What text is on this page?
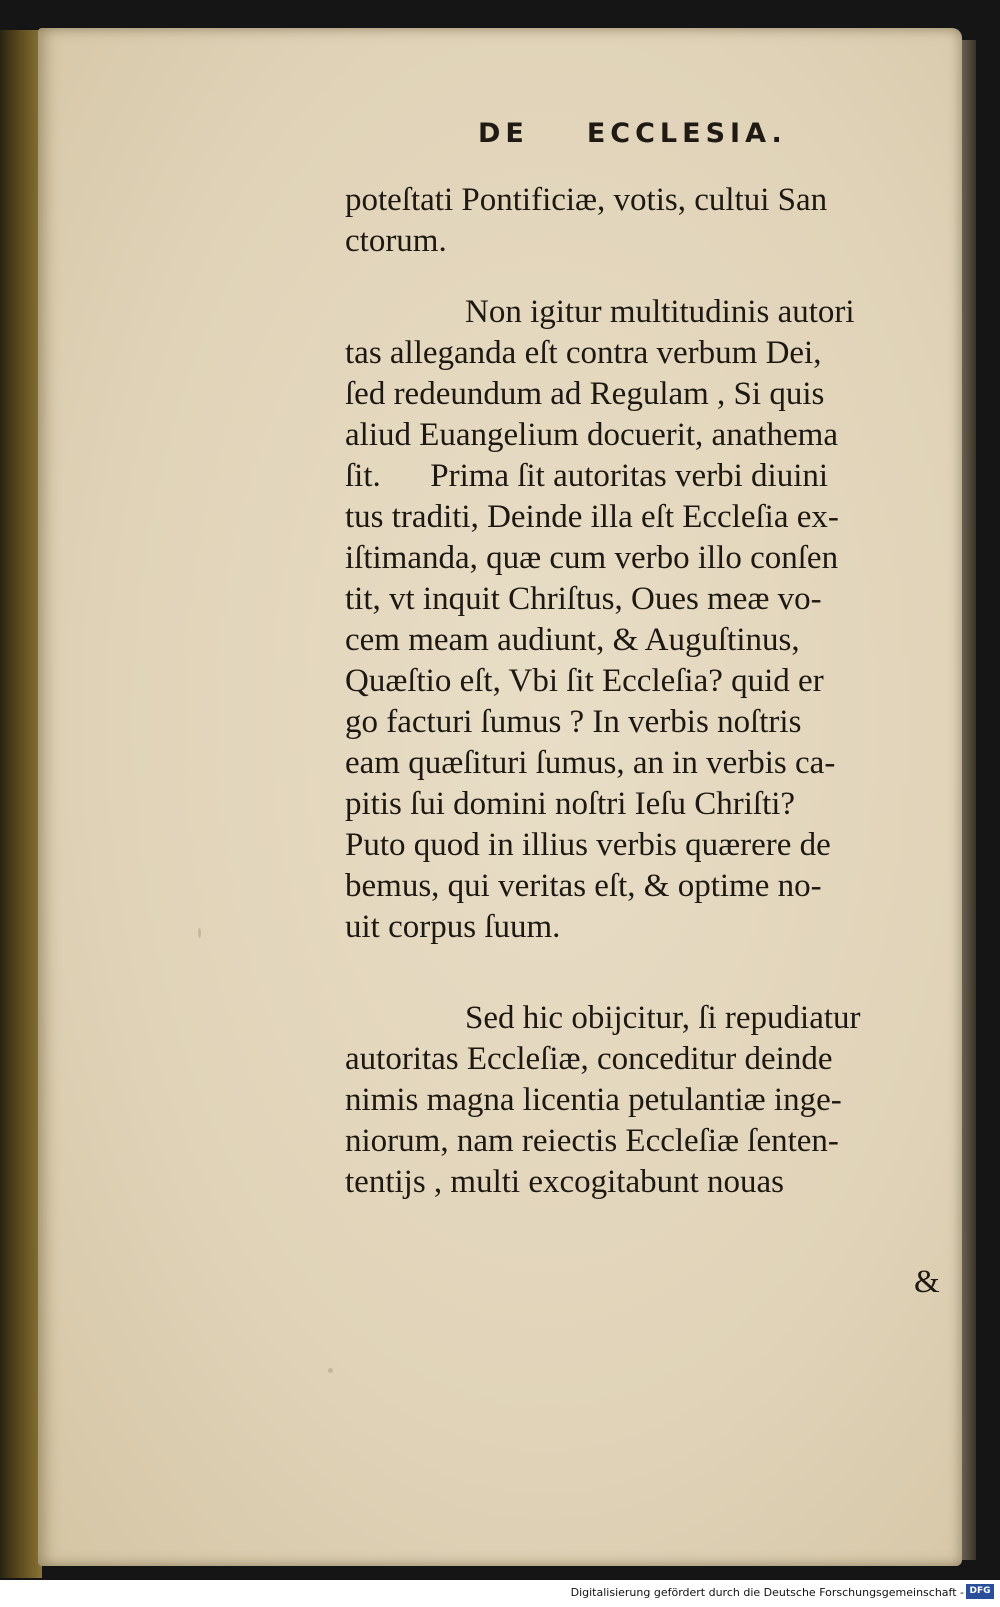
DE ECCLESIA.
poteſtati Pontificiæ, votis, cultui San
ctorum.
Non igitur multitudinis autori
tas alleganda eſt contra verbum Dei,
ſed redeundum ad Regulam , Si quis
aliud Euangelium docuerit, anathema
ſit.      Prima ſit autoritas verbi diuini
tus traditi, Deinde illa eſt Eccleſia ex-
iſtimanda, quæ cum verbo illo conſen
tit, vt inquit Chriſtus, Oues meæ vo-
cem meam audiunt, & Auguſtinus,
Quæſtio eſt, Vbi ſit Eccleſia? quid er
go facturi ſumus ? In verbis noſtris
eam quæſituri ſumus, an in verbis ca-
pitis ſui domini noſtri Ieſu Chriſti?
Puto quod in illius verbis quærere de
bemus, qui veritas eſt, & optime no-
uit corpus ſuum.
Sed hic obijcitur, ſi repudiatur
autoritas Eccleſiæ, conceditur deinde
nimis magna licentia petulantiæ inge-
niorum, nam reiectis Eccleſiæ ſenten-
tentijs , multi excogitabunt nouas
&
Digitalisierung gefördert durch die Deutsche Forschungsgemeinschaft - DFG
